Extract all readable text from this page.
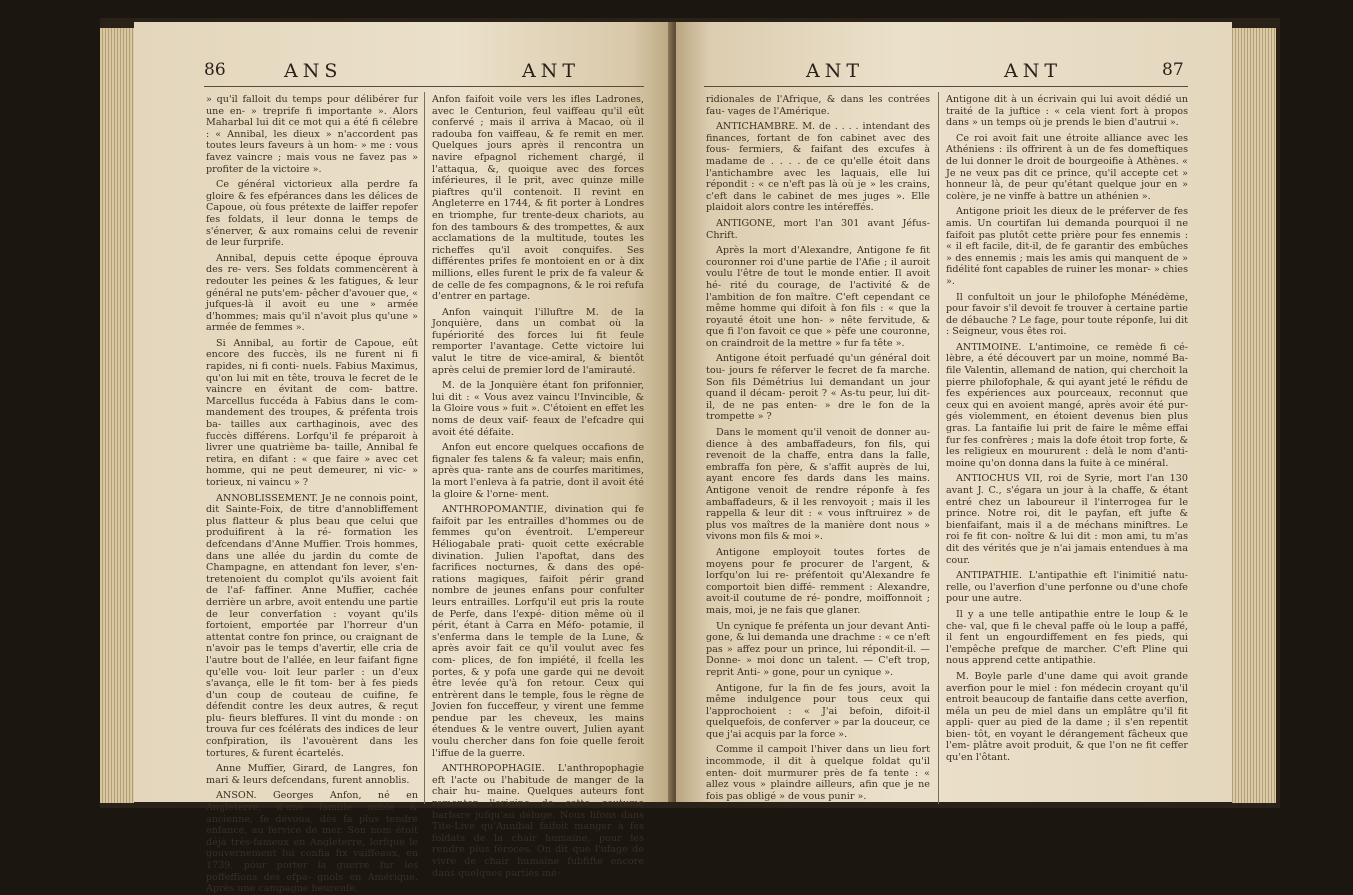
86	ANS	ANT

» qu'il falloit du temps pour délibérer fur une en- » treprife fi importante ». Alors Maharbal lui dit ce mot qui a été fi célebre : « Annibal, les dieux » n'accordent pas toutes leurs faveurs à un hom- » me : vous favez vaincre ; mais vous ne favez pas » profiter de la victoire ».

Ce général victorieux alla perdre fa gloire & fes efpérances dans les délices de Capoue, où fous prétexte de laiffer repofer fes foldats, il leur donna le temps de s'énerver, & aux romains celui de revenir de leur furprife.

Annibal, depuis cette époque éprouva des re- vers. Ses foldats commencèrent à redouter les peines & les fatigues, & leur général ne puts'em- pêcher d'avouer que, « jufques-là il avoit eu une » armée d'hommes; mais qu'il n'avoit plus qu'une » armée de femmes ».

Si Annibal, au fortir de Capoue, eût encore des fuccès, ils ne furent ni fi rapides, ni fi conti- nuels. Fabius Maximus, qu'on lui mit en tête, trouva le fecret de le vaincre en évitant de com- battre. Marcellus fuccéda à Fabius dans le com- mandement des troupes, & préfenta trois ba- tailles aux carthaginois, avec des fuccès différens. Lorfqu'il fe préparoit à livrer une quatrième ba- taille, Annibal fe retira, en difant : « que faire » avec cet homme, qui ne peut demeurer, ni vic- » torieux, ni vaincu » ?

ANNOBLISSEMENT. Je ne connois point, dit Sainte-Foix, de titre d'annobliffement plus flatteur & plus beau que celui que produifirent à la ré- formation les defcendans d'Anne Muffier. Trois hommes, dans une allée du jardin du comte de Champagne, en attendant fon lever, s'en- tretenoient du complot qu'ils avoient fait de l'af- faffiner. Anne Muffier, cachée derrière un arbre, avoit entendu une partie de leur converfation : voyant qu'ils fortoient, emportée par l'horreur d'un attentat contre fon prince, ou craignant de n'avoir pas le temps d'avertir, elle cria de l'autre bout de l'allée, en leur faifant figne qu'elle vou- loit leur parler : un d'eux s'avança, elle le fit tom- ber à fes pieds d'un coup de couteau de cuifine, fe défendit contre les deux autres, & reçut plu- fieurs bleffures. Il vint du monde : on trouva fur ces fcélérats des indices de leur confpiration, ils l'avouèrent dans les tortures, & furent écartelés.

Anne Muffier, Girard, de Langres, fon mari & leurs defcendans, furent annoblis.

ANSON. Georges Anfon, né en Angleterre, d'une famille noble & ancienne, fe dévoua, dès fa plus tendre enfance, au fervice de mer. Son nom étoit déjà très-fameux en Angleterre, lorfque le gouvernement lui confia fix vaiffeaux, en 1739, pour porter la guerre fur les poffeffions des efpa- gnols en Amérique. Après une campagne heureufe,

Anfon faifoit voile vers les ifles Ladrones, avec le Centurion, feul vaiffeau qu'il eût confervé ; mais il arriva à Macao, où il radouba fon vaiffeau, & fe remit en mer. Quelques jours après il rencontra un navire efpagnol richement chargé, il l'attaqua, &, quoique avec des forces inférieures, il le prit, avec quinze mille piaftres qu'il contenoit. Il revint en Angleterre en 1744, & fit porter à Londres en triomphe, fur trente-deux chariots, au fon des tambours & des trompettes, & aux acclamations de la multitude, toutes les richeffes qu'il avoit conquifes. Ses différentes prifes fe montoient en or à dix millions, elles furent le prix de fa valeur & de celle de fes compagnons, & le roi refufa d'entrer en partage.

Anfon vainquit l'illuftre M. de la Jonquière, dans un combat où la fupériorité des forces lui fit feule remporter l'avantage. Cette victoire lui valut le titre de vice-amiral, & bientôt après celui de premier lord de l'amirauté.

M. de la Jonquière étant fon prifonnier, lui dit : « Vous avez vaincu l'Invincible, & la Gloire vous » fuit ». C'étoient en effet les noms de deux vaif- feaux de l'efcadre qui avoit été défaite.

Anfon eut encore quelques occafions de fignaler fes talens & fa valeur; mais enfin, après qua- rante ans de courfes maritimes, la mort l'enleva à fa patrie, dont il avoit été la gloire & l'orne- ment.

ANTHROPOMANTIE, divination qui fe faifoit par les entrailles d'hommes ou de femmes qu'on éventroit. L'empereur Héliogabale prati- quoit cette exécrable divination. Julien l'apoftat, dans des facrifices nocturnes, & dans des opé- rations magiques, faifoit périr grand nombre de jeunes enfans pour confulter leurs entrailles. Lorfqu'il eut pris la route de Perfe, dans l'expé- dition même où il périt, étant à Carra en Méfo- potamie, il s'enferma dans le temple de la Lune, & après avoir fait ce qu'il voulut avec fes com- plices, de fon impiété, il fcella les portes, & y pofa une garde qui ne devoit être levée qu'à fon retour. Ceux qui entrèrent dans le temple, fous le règne de Jovien fon fucceffeur, y virent une femme pendue par les cheveux, les mains étendues & le ventre ouvert, Julien ayant voulu chercher dans fon foie quelle feroit l'iffue de la guerre.

ANTHROPOPHAGIE. L'anthropophagie eft l'acte ou l'habitude de manger de la chair hu- maine. Quelques auteurs font remonter l'origine de cette coutume barbare jufqu'au déluge. Nous lifons dans Tite-Live qu'Annibal faifoit manger à fes foldats de la chair humaine, pour les rendre plus féroces. On dit que l'ufage de vivre de chair humaine fubfifte encore dans quelques parties mé-

ANT	ANT	87

ridionales de l'Afrique, & dans les contrées fau- vages de l'Amérique.

ANTICHAMBRE. M. de . . . . intendant des finances, fortant de fon cabinet avec des fous- fermiers, & faifant des excufes à madame de . . . . de ce qu'elle étoit dans l'antichambre avec les laquais, elle lui répondit : « ce n'eft pas là où je » les crains, c'eft dans le cabinet de mes juges ». Elle plaidoit alors contre les intéreffés.

ANTIGONE, mort l'an 301 avant Jéfus- Chrift.

Après la mort d'Alexandre, Antigone fe fit couronner roi d'une partie de l'Afie ; il auroit voulu l'être de tout le monde entier. Il avoit hé- rité du courage, de l'activité & de l'ambition de fon maître. C'eft cependant ce même homme qui difoit à fon fils : « que la royauté étoit une hon- » nête fervitude, & que fi l'on favoit ce que » pèfe une couronne, on craindroit de la mettre » fur fa tête ».

Antigone étoit perfuadé qu'un général doit tou- jours fe réferver le fecret de fa marche. Son fils Démétrius lui demandant un jour quand il décam- peroit ? « As-tu peur, lui dit-il, de ne pas enten- » dre le fon de la trompette » ?

Dans le moment qu'il venoit de donner au- dience à des ambaffadeurs, fon fils, qui revenoit de la chaffe, entra dans la falle, embraffa fon père, & s'affit auprès de lui, ayant encore fes dards dans les mains. Antigone venoit de rendre réponfe à fes ambaffadeurs, & il les renvoyoit ; mais il les rappella & leur dit : « vous inftruirez » de plus vos maîtres de la manière dont nous » vivons mon fils & moi ».

Antigone employoit toutes fortes de moyens pour fe procurer de l'argent, & lorfqu'on lui re- préfentoit qu'Alexandre fe comportoit bien diffé- remment : Alexandre, avoit-il coutume de ré- pondre, moiffonnoit ; mais, moi, je ne fais que glaner.

Un cynique fe préfenta un jour devant Anti- gone, & lui demanda une drachme : « ce n'eft pas » affez pour un prince, lui répondit-il. — Donne- » moi donc un talent. — C'eft trop, reprit Anti- » gone, pour un cynique ».

Antigone, fur la fin de fes jours, avoit la même indulgence pour tous ceux qui l'approchoient : « J'ai befoin, difoit-il quelquefois, de conferver » par la douceur, ce que j'ai acquis par la force ».

Comme il campoit l'hiver dans un lieu fort incommode, il dit à quelque foldat qu'il enten- doit murmurer près de fa tente : « allez vous » plaindre ailleurs, afin que je ne fois pas obligé » de vous punir ».

Antigone dit à un écrivain qui lui avoit dédié un traité de la juftice : « cela vient fort à propos dans » un temps où je prends le bien d'autrui ».

Ce roi avoit fait une étroite alliance avec les Athéniens : ils offrirent à un de fes domeftiques de lui donner le droit de bourgeoifie à Athènes. « Je ne veux pas dit ce prince, qu'il accepte cet » honneur là, de peur qu'étant quelque jour en » colère, je ne vinffe à battre un athénien ».

Antigone prioit les dieux de le préferver de fes amis. Un courtifan lui demanda pourquoi il ne faifoit pas plutôt cette prière pour fes ennemis : « il eft facile, dit-il, de fe garantir des embûches » des ennemis ; mais les amis qui manquent de » fidélité font capables de ruiner les monar- » chies ».

Il confultoit un jour le philofophe Ménédème, pour favoir s'il devoit fe trouver à certaine partie de débauche ? Le fage, pour toute réponfe, lui dit : Seigneur, vous êtes roi.

ANTIMOINE. L'antimoine, ce remède fi cé- lèbre, a été découvert par un moine, nommé Ba- file Valentin, allemand de nation, qui cherchoit la pierre philofophale, & qui ayant jeté le réfidu de fes expériences aux pourceaux, reconnut que ceux qui en avoient mangé, après avoir été pur- gés violemment, en étoient devenus bien plus gras. La fantaifie lui prit de faire le même effai fur fes confrères ; mais la dofe étoit trop forte, & les religieux en moururent : delà le nom d'anti- moine qu'on donna dans la fuite à ce minéral.

ANTIOCHUS VII, roi de Syrie, mort l'an 130 avant J. C., s'égara un jour à la chaffe, & étant entré chez un laboureur il l'interrogea fur le prince. Notre roi, dit le payfan, eft jufte & bienfaifant, mais il a de méchans miniftres. Le roi fe fit con- noître & lui dit : mon ami, tu m'as dit des vérités que je n'ai jamais entendues à ma cour.

ANTIPATHIE. L'antipathie eft l'inimitié natu- relle, ou l'averfion d'une perfonne ou d'une chofe pour une autre.

Il y a une telle antipathie entre le loup & le che- val, que fi le cheval paffe où le loup a paffé, il fent un engourdiffement en fes pieds, qui l'empêche prefque de marcher. C'eft Pline qui nous apprend cette antipathie.

M. Boyle parle d'une dame qui avoit grande averfion pour le miel : fon médecin croyant qu'il entroit beaucoup de fantaifie dans cette averfion, méla un peu de miel dans un emplâtre qu'il fit appli- quer au pied de la dame ; il s'en repentit bien- tôt, en voyant le dérangement fâcheux que l'em- plâtre avoit produit, & que l'on ne fit ceffer qu'en l'ôtant.
